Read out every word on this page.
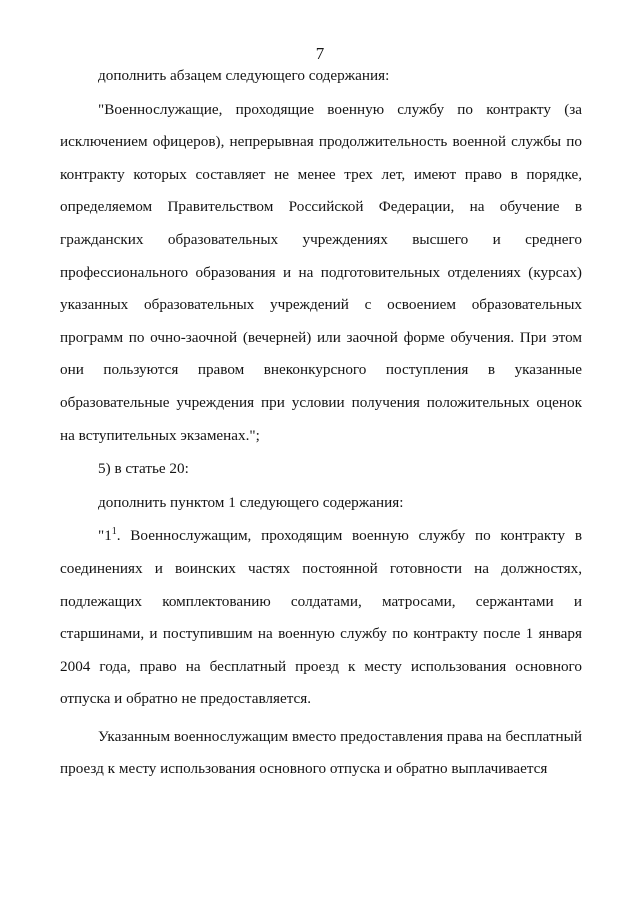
7

дополнить абзацем следующего содержания:

"Военнослужащие, проходящие военную службу по контракту (за исключением офицеров), непрерывная продолжительность военной службы по контракту которых составляет не менее трех лет, имеют право в порядке, определяемом Правительством Российской Федерации, на обучение в гражданских образовательных учреждениях высшего и среднего профессионального образования и на подготовительных отделениях (курсах) указанных образовательных учреждений с освоением образовательных программ по очно-заочной (вечерней) или заочной форме обучения. При этом они пользуются правом внеконкурсного поступления в указанные образовательные учреждения при условии получения положительных оценок на вступительных экзаменах.";

5) в статье 20:

дополнить пунктом 1 следующего содержания:

"$1^1$. Военнослужащим, проходящим военную службу по контракту в соединениях и воинских частях постоянной готовности на должностях, подлежащих комплектованию солдатами, матросами, сержантами и старшинами, и поступившим на военную службу по контракту после 1 января 2004 года, право на бесплатный проезд к месту использования основного отпуска и обратно не предоставляется.

Указанным военнослужащим вместо предоставления права на бесплатный проезд к месту использования основного отпуска и обратно выплачивается
